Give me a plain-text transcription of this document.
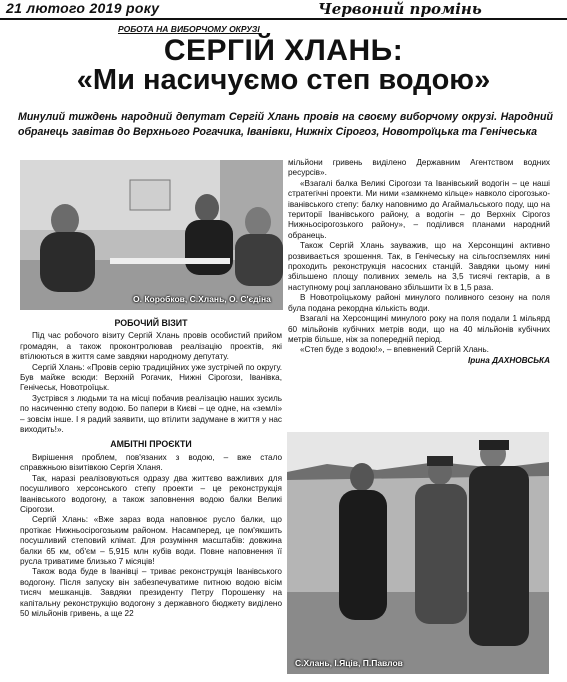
21 лютого 2019 року	Червоний промінь
РОБОТА НА ВИБОРЧОМУ ОКРУЗІ
СЕРГІЙ ХЛАНЬ:
«Ми насичуємо степ водою»
Минулий тиждень народний депутат Сергій Хлань провів на своєму виборчому окрузі. Народний обранець завітав до Верхнього Рогачика, Іванівки, Нижніх Сірогоз, Новотроїцька та Генічеська
О. Коробков, С.Хлань, О. С'єдіна
С.Хлань, І.Яців, П.Павлов
РОБОЧИЙ ВІЗИТ

Під час робочого візиту Сергій Хлань провів особистий прийом громадян, а також проконтролював реалізацію проєктів, які втілюються в життя саме завдяки народному депутату.

Сергій Хлань: «Провів серію традиційних уже зустрічей по округу. Був майже всюди: Верхній Рогачик, Нижні Сірогози, Іванівка, Генічеськ, Новотроїцьк.

Зустрівся з людьми та на місці побачив реалізацію наших зусиль по насиченню степу водою. Бо папери в Києві – це одне, на «землі» – зовсім інше. І я радий заявити, що втілити задумане в життя у нас виходить!».

АМБІТНІ ПРОЄКТИ

Вирішення проблем, пов'язаних з водою, – вже стало справжньою візитівкою Сергія Хланя.

Так, наразі реалізовуються одразу два життєво важливих для посушливого херсонського степу проекти – це реконструкція Іванівського водогону, а також заповнення водою балки Великі Сірогози.

Сергій Хлань: «Вже зараз вода наповнює русло балки, що протікає Нижньосірогозьким районом. Насамперед, це пом'якшить посушливий степовий клімат. Для розуміння масштабів: довжина балки 65 км, об'єм – 5,915 млн кубів води. Повне наповнення її русла триватиме близько 7 місяців!

Також вода буде в Іванівці – триває реконструкція Іванівського водогону. Після запуску він забезпечуватиме питною водою вісім тисяч мешканців. Завдяки президенту Петру Порошенку на капітальну реконструкцію водогону з державного бюджету виділено 50 мільйонів гривень, а ще 22

мільйони гривень виділено Державним Агентством водних ресурсів».

«Взагалі балка Великі Сірогози та Іванівський водогін – це наші стратегічні проекти. Ми ними «замкнемо кільце» навколо сірогозько-іванівського степу: балку наповнимо до Агаймальського поду, що на території Іванівського району, а водогін – до Верхніх Сірогоз Нижньосірогозького району», – поділився планами народний обранець.

Також Сергій Хлань зауважив, що на Херсонщині активно розвивається зрошення. Так, в Генічеську на сільгоспземлях нині проходить реконструкція насосних станцій. Завдяки цьому нині збільшено площу поливних земель на 3,5 тисячі гектарів, а в наступному році заплановано збільшити їх в 1,5 раза.

В Новотроїцькому районі минулого поливного сезону на поля була подана рекордна кількість води.

Взагалі на Херсонщині минулого року на поля подали 1 мільярд 60 мільйонів кубічних метрів води, що на 40 мільйонів кубічних метрів більше, ніж за попередній період.

«Степ буде з водою!», – впевнений Сергій Хлань.

Ірина ДАХНОВСЬКА
